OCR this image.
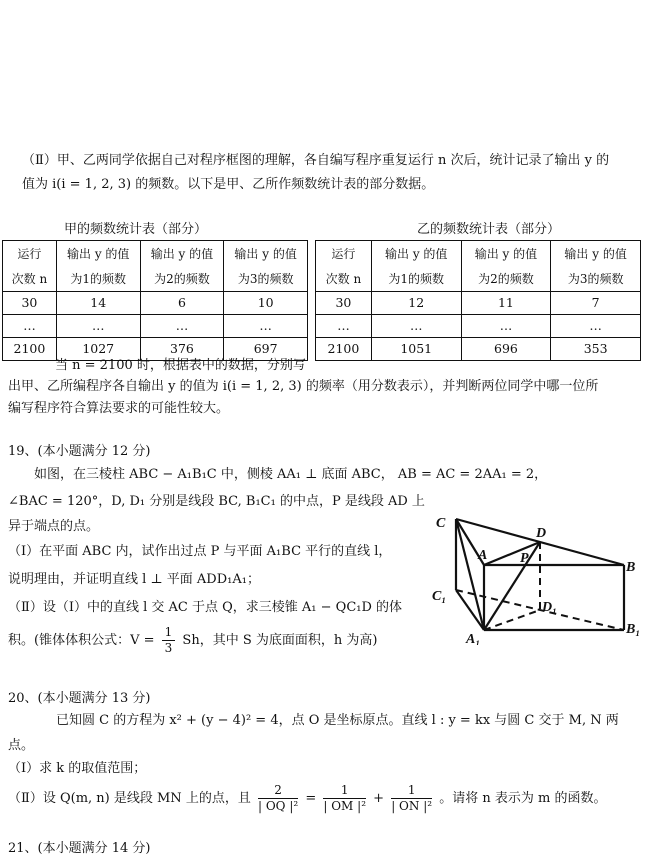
（Ⅱ）甲、乙两同学依据自己对程序框图的理解，各自编写程序重复运行 n 次后，统计记录了输出 y 的
值为 i(i = 1, 2, 3) 的频数。以下是甲、乙所作频数统计表的部分数据。
甲的频数统计表（部分）	乙的频数统计表（部分）
运行	输出 y 的值	输出 y 的值	输出 y 的值
次数 n	为1的频数	为2的频数	为3的频数
30	14	6	10
…	…	…	…
2100	1027	376	697
运行	输出 y 的值	输出 y 的值	输出 y 的值
次数 n	为1的频数	为2的频数	为3的频数
30	12	11	7
…	…	…	…
2100	1051	696	353
当 n = 2100 时，根据表中的数据，分别写
出甲、乙所编程序各自输出 y 的值为 i(i = 1, 2, 3) 的频率（用分数表示），并判断两位同学中哪一位所
编写程序符合算法要求的可能性较大。
19、(本小题满分 12 分)
如图，在三棱柱 ABC − A₁B₁C 中，侧棱 AA₁ ⊥ 底面 ABC， AB = AC = 2AA₁ = 2，
∠BAC = 120°，D, D₁ 分别是线段 BC, B₁C₁ 的中点，P 是线段 AD 上
异于端点的点。
（Ⅰ）在平面 ABC 内，试作出过点 P 与平面 A₁BC 平行的直线 l，
说明理由，并证明直线 l ⊥ 平面 ADD₁A₁；
（Ⅱ）设（Ⅰ）中的直线 l 交 AC 于点 Q，求三棱锥 A₁ − QC₁D 的体
积。(锥体体积公式：$V = \frac{1}{3}$ Sh，其中 S 为底面面积，h 为高)
C
D
A P
B
C₁
D₁
A₁
B₁
20、(本小题满分 13 分)
已知圆 C 的方程为 x² + (y − 4)² = 4，点 O 是坐标原点。直线 l : y = kx 与圆 C 交于 M, N 两
点。
（Ⅰ）求 k 的取值范围；
（Ⅱ）设 Q(m, n) 是线段 MN 上的点，且 $\frac{2}{\text{| OQ |²}} = \frac{1}{\text{| OM |²}} + \frac{1}{\text{| ON |²}}$ 。请将 n 表示为 m 的函数。
21、(本小题满分 14 分)
